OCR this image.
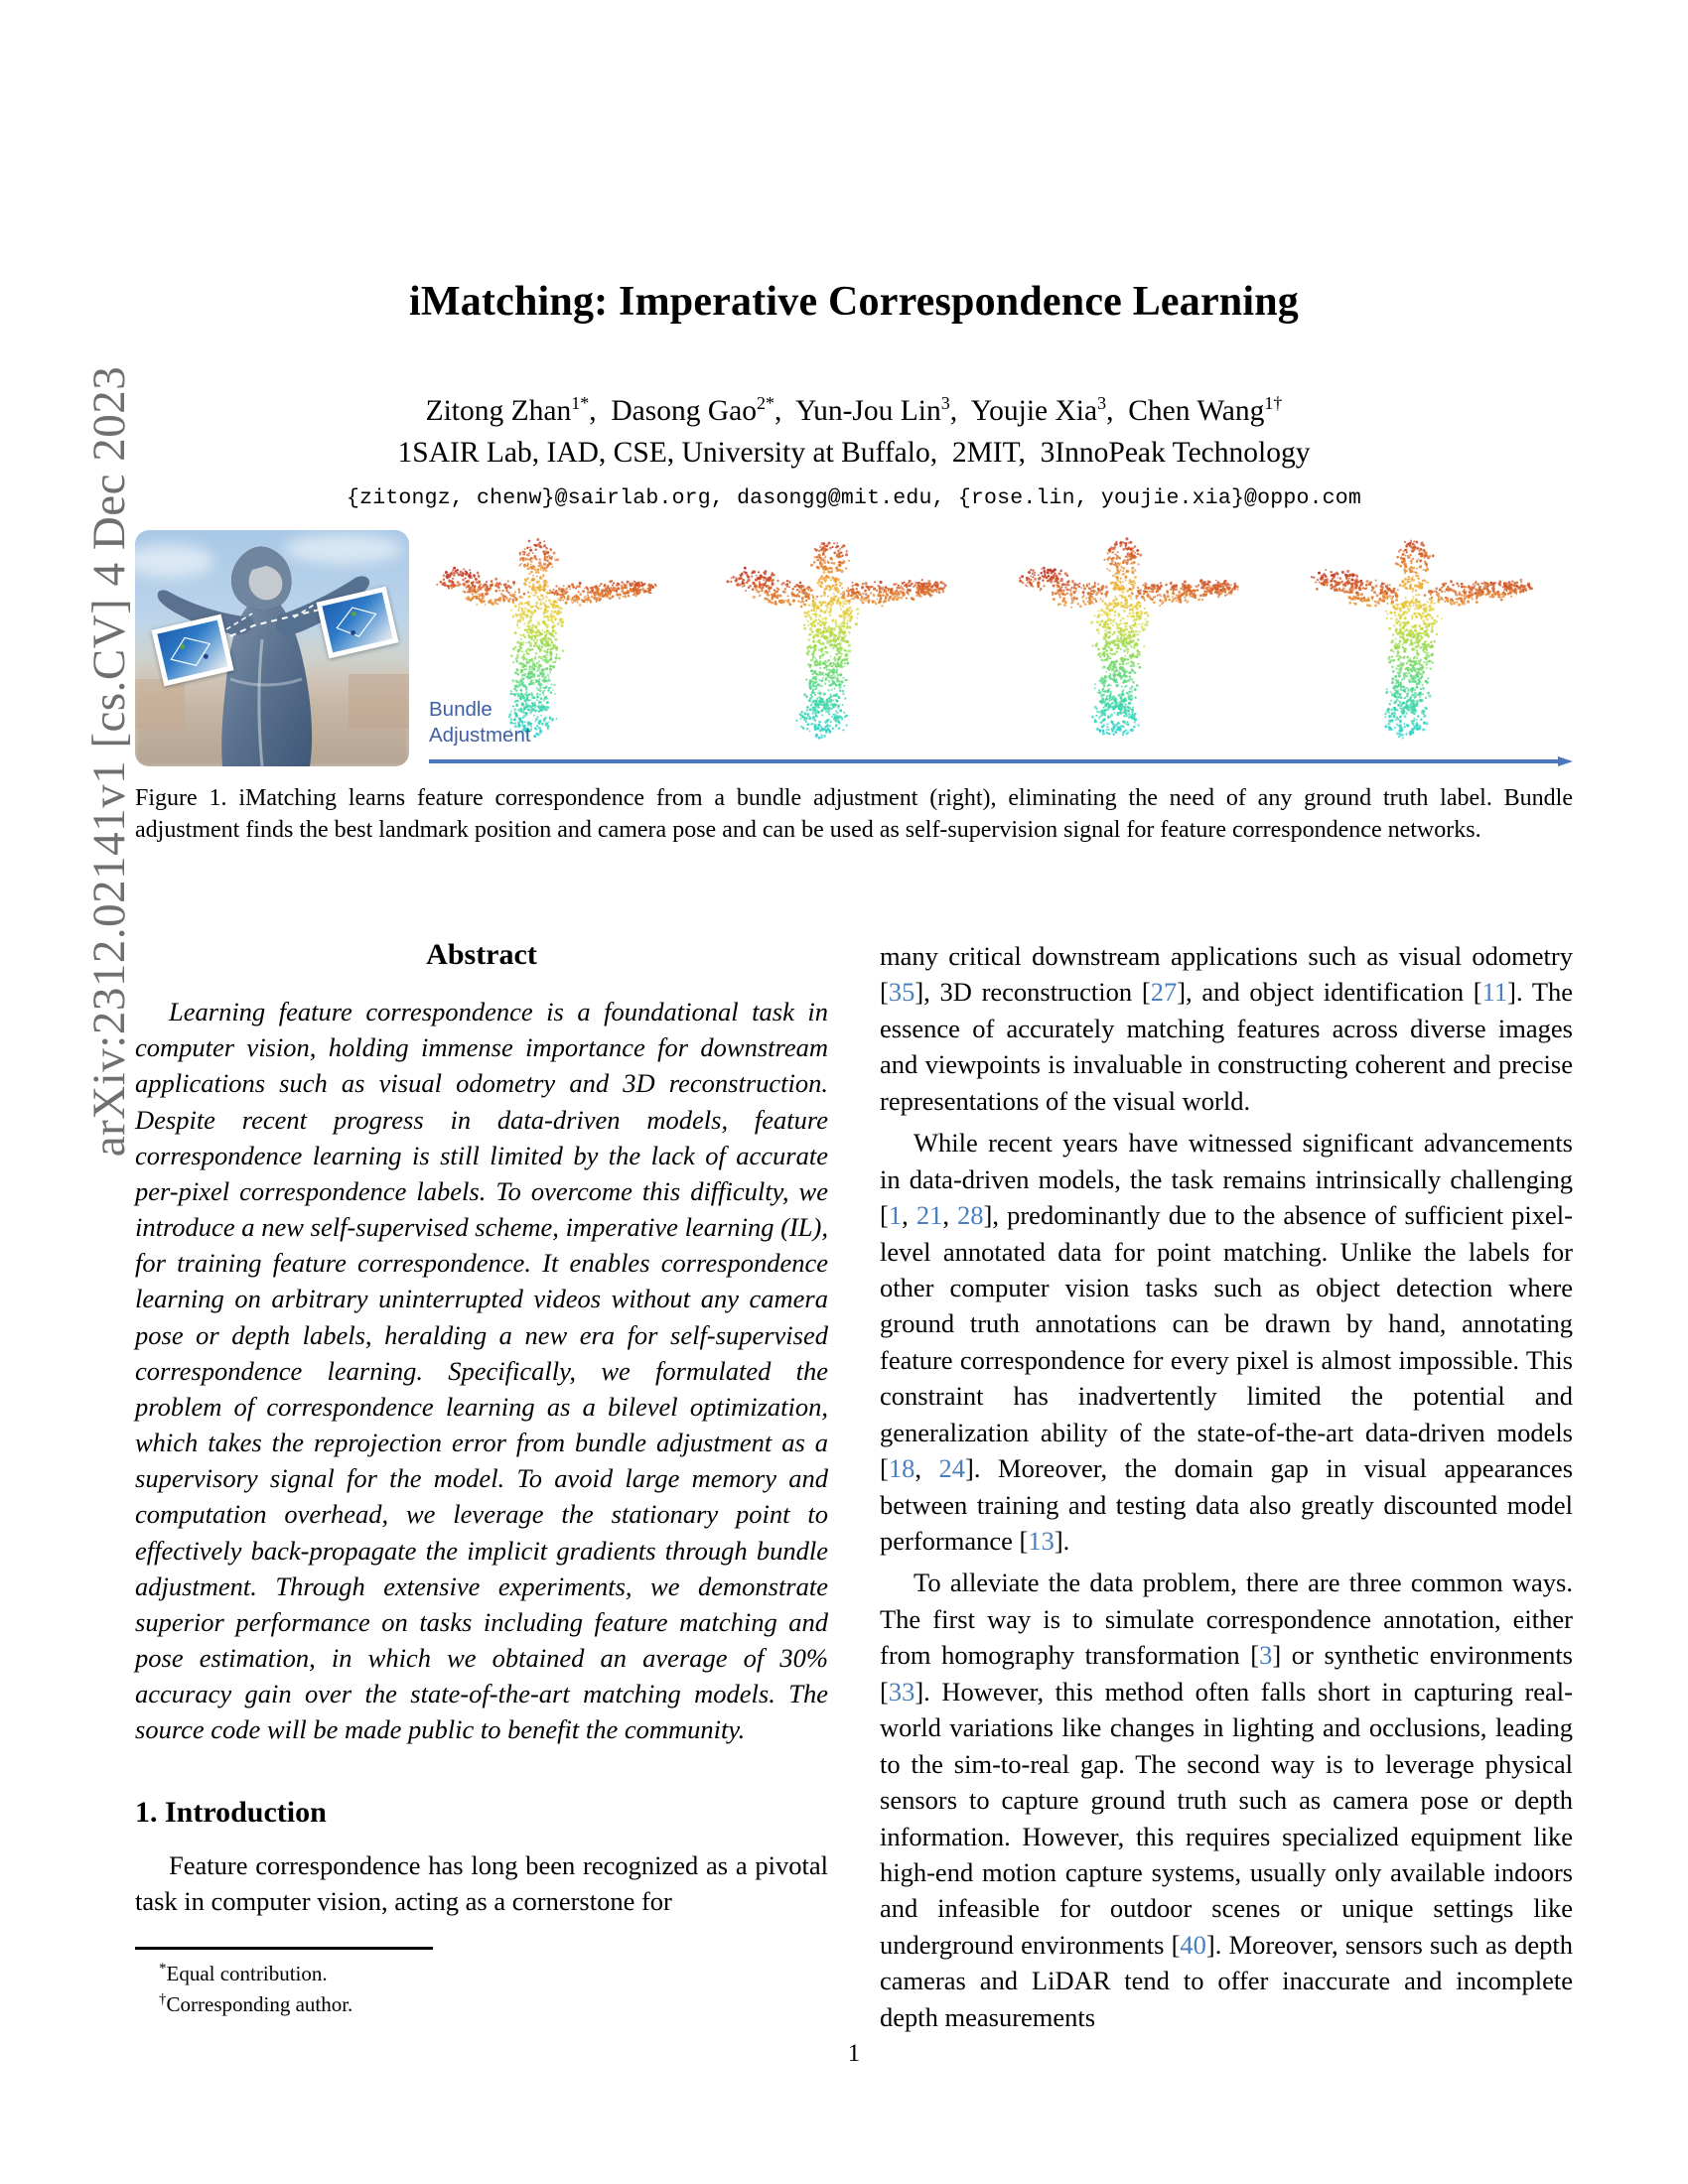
arXiv:2312.02141v1 [cs.CV] 4 Dec 2023
iMatching: Imperative Correspondence Learning
Zitong Zhan$^{1*}$, Dasong Gao$^{2*}$, Yun-Jou Lin$^3$, Youjie Xia$^3$, Chen Wang$^{1\dagger}$
1SAIR Lab, IAD, CSE, University at Buffalo,  2MIT,  3InnoPeak Technology
{zitongz, chenw}@sairlab.org, dasongg@mit.edu, {rose.lin, youjie.xia}@oppo.com
Bundle
Adjustment
Figure 1. iMatching learns feature correspondence from a bundle adjustment (right), eliminating the need of any ground truth label. Bundle adjustment finds the best landmark position and camera pose and can be used as self-supervision signal for feature correspondence networks.
Abstract
Learning feature correspondence is a foundational task in computer vision, holding immense importance for downstream applications such as visual odometry and 3D reconstruction. Despite recent progress in data-driven models, feature correspondence learning is still limited by the lack of accurate per-pixel correspondence labels. To overcome this difficulty, we introduce a new self-supervised scheme, imperative learning (IL), for training feature correspondence. It enables correspondence learning on arbitrary uninterrupted videos without any camera pose or depth labels, heralding a new era for self-supervised correspondence learning. Specifically, we formulated the problem of correspondence learning as a bilevel optimization, which takes the reprojection error from bundle adjustment as a supervisory signal for the model. To avoid large memory and computation overhead, we leverage the stationary point to effectively back-propagate the implicit gradients through bundle adjustment. Through extensive experiments, we demonstrate superior performance on tasks including feature matching and pose estimation, in which we obtained an average of 30% accuracy gain over the state-of-the-art matching models. The source code will be made public to benefit the community.
1. Introduction
Feature correspondence has long been recognized as a pivotal task in computer vision, acting as a cornerstone for
*Equal contribution.
†Corresponding author.
many critical downstream applications such as visual odometry [35], 3D reconstruction [27], and object identification [11]. The essence of accurately matching features across diverse images and viewpoints is invaluable in constructing coherent and precise representations of the visual world.
While recent years have witnessed significant advancements in data-driven models, the task remains intrinsically challenging [1, 21, 28], predominantly due to the absence of sufficient pixel-level annotated data for point matching. Unlike the labels for other computer vision tasks such as object detection where ground truth annotations can be drawn by hand, annotating feature correspondence for every pixel is almost impossible. This constraint has inadvertently limited the potential and generalization ability of the state-of-the-art data-driven models [18, 24]. Moreover, the domain gap in visual appearances between training and testing data also greatly discounted model performance [13].
To alleviate the data problem, there are three common ways. The first way is to simulate correspondence annotation, either from homography transformation [3] or synthetic environments [33]. However, this method often falls short in capturing real-world variations like changes in lighting and occlusions, leading to the sim-to-real gap. The second way is to leverage physical sensors to capture ground truth such as camera pose or depth information. However, this requires specialized equipment like high-end motion capture systems, usually only available indoors and infeasible for outdoor scenes or unique settings like underground environments [40]. Moreover, sensors such as depth cameras and LiDAR tend to offer inaccurate and incomplete depth measurements
1
